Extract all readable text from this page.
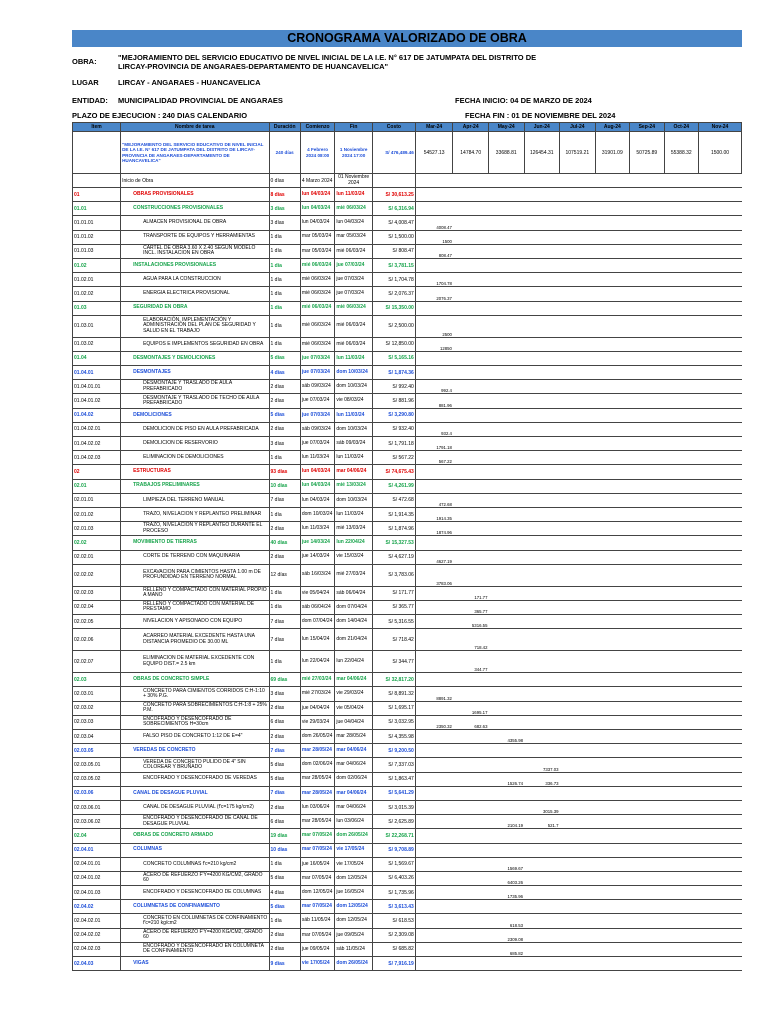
CRONOGRAMA VALORIZADO DE OBRA
OBRA:	"MEJORAMIENTO DEL SERVICIO EDUCATIVO DE NIVEL INICIAL DE LA I.E. N° 617 DE JATUMPATA DEL DISTRITO DE LIRCAY-PROVINCIA DE ANGARAES-DEPARTAMENTO DE HUANCAVELICA"
LUGAR	LIRCAY - ANGARAES - HUANCAVELICA
ENTIDAD: MUNICIPALIDAD PROVINCIAL DE ANGARAES	FECHA INICIO: 04 DE MARZO DE 2024
PLAZO DE EJECUCION : 240 DIAS CALENDARIO	FECHA FIN : 01 DE NOVIEMBRE DEL 2024
Item	Nombre de tarea	Duración	Comienzo	Fin	Costo	Mar-24	Apr-24	May-24	Jun-24	Jul-24	Aug-24	Sep-24	Oct-24	Nov-24
	"MEJORAMIENTO DEL SERVICIO EDUCATIVO DE NIVEL INICIAL DE LA I.E. N° 617 DE JATUMPATA DEL DISTRITO DE LIRCAY-PROVINCIA DE ANGARAES-DEPARTAMENTO DE HUANCAVELICA"	240 días	4 Febrero 2024 08:00	1 Noviembre 2024 17:00	S/ 476,489.46	54527.13	14784.70	33688.81	126454.31	107519.21	31901.09	50725.89	55388.32	1500.00
	Inicio de Obra	0 días	4 Marzo 2024	01 Noviembre 2024										
01	OBRAS PROVISIONALES	8 días	lun 04/03/24	lun 11/03/24	S/ 30,613.25									
01.01	CONSTRUCCIONES PROVISIONALES	3 días	lun 04/03/24	mié 06/03/24	S/ 6,316.94									
01.01.01	ALMACEN PROVISIONAL DE OBRA	3 días	lun 04/03/24	lun 04/03/24	S/ 4,008.47	4008.47								
01.01.02	TRANSPORTE DE EQUIPOS Y HERRAMIENTAS	1 día	mar 05/03/24	mar 05/03/24	S/ 1,500.00	1500								
01.01.03	CARTEL DE OBRA 3.60 X 2.40 SEGUN MODELO INCL. INSTALACION EN OBRA	1 día	mar 05/03/24	mié 06/03/24	S/ 808.47	808.47								
01.02	INSTALACIONES PROVISIONALES	1 día	mié 06/03/24	jue 07/03/24	S/ 3,781.15									
01.02.01	AGUA PARA LA CONSTRUCCION	1 día	mié 06/03/24	jue 07/03/24	S/ 1,704.78	1704.78								
01.02.02	ENERGIA ELECTRICA PROVISIONAL	1 día	mié 06/03/24	jue 07/03/24	S/ 2,076.37	2076.37								
01.03	SEGURIDAD EN OBRA	1 día	mié 06/03/24	mié 06/03/24	S/ 15,350.00									
01.03.01	ELABORACIÓN, IMPLEMENTACIÓN Y ADMINISTRACIÓN DEL PLAN DE SEGURIDAD Y SALUD EN EL TRABAJO	1 día	mié 06/03/24	mié 06/03/24	S/ 2,500.00	2500								
01.03.02	EQUIPOS E IMPLEMENTOS SEGURIDAD EN OBRA	1 día	mié 06/03/24	mié 06/03/24	S/ 12,850.00	12850								
01.04	DESMONTAJES Y DEMOLICIONES	5 días	jue 07/03/24	lun 11/03/24	S/ 5,165.16									
01.04.01	DESMONTAJES	4 días	jue 07/03/24	dom 10/03/24	S/ 1,874.36									
01.04.01.01	DESMONTAJE Y TRASLADO DE AULA PREFABRICADO	2 días	sáb 09/03/24	dom 10/03/24	S/ 992.40	992.4								
01.04.01.02	DESMONTAJE Y TRASLADO DE TECHO DE AULA PREFABRICADO	2 días	jue 07/03/24	vie 08/03/24	S/ 881.96	881.96								
01.04.02	DEMOLICIONES	5 días	jue 07/03/24	lun 11/03/24	S/ 3,290.80									
01.04.02.01	DEMOLICION DE PISO EN AULA PREFABRICADA	2 días	sáb 09/03/24	dom 10/03/24	S/ 932.40	932.4								
01.04.02.02	DEMOLICION DE RESERVORIO	3 días	jue 07/03/24	sáb 09/03/24	S/ 1,791.18	1791.18								
01.04.02.03	ELIMINACION DE DEMOLICIONES	1 día	lun 11/03/24	lun 11/03/24	S/ 567.22	567.22								
02	ESTRUCTURAS	93 días	lun 04/03/24	mar 04/06/24	S/ 74,675.43									
02.01	TRABAJOS PRELIMINARES	10 días	lun 04/03/24	mié 13/03/24	S/ 4,261.99									
02.01.01	LIMPIEZA DEL TERRENO MANUAL	7 días	lun 04/03/24	dom 10/03/24	S/ 472.68	472.68								
02.01.02	TRAZO, NIVELACION Y REPLANTEO PRELIMINAR	1 día	dom 10/03/24	lun 11/03/24	S/ 1,914.35	1914.35								
02.01.03	TRAZO, NIVELACION Y REPLANTEO DURANTE EL PROCESO	2 días	lun 11/03/24	mié 13/03/24	S/ 1,874.96	1874.96								
02.02	MOVIMIENTO DE TIERRAS	40 días	jue 14/03/24	lun 22/04/24	S/ 15,327.53									
02.02.01	CORTE DE TERRENO CON MAQUINARIA	2 días	jue 14/03/24	vie 15/03/24	S/ 4,627.19	4627.19								
02.02.02	EXCAVACION PARA CIMIENTOS HASTA 1.00 m DE PROFUNDIDAD EN TERRENO NORMAL	12 días	sáb 16/03/24	mié 27/03/24	S/ 3,783.06	3783.06								
02.02.03	RELLENO Y COMPACTADO CON MATERIAL PROPIO A MANO	1 día	vie 05/04/24	sáb 06/04/24	S/ 171.77		171.77							
02.02.04	RELLENO Y COMPACTADO CON MATERIAL DE PRESTAMO	1 día	sáb 06/04/24	dom 07/04/24	S/ 365.77		365.77							
02.02.05	NIVELACION Y APISONADO CON EQUIPO	7 días	dom 07/04/24	dom 14/04/24	S/ 5,316.55		5316.55							
02.02.06	ACARREO MATERIAL EXCEDENTE HASTA UNA DISTANCIA PROMEDIO DE 30.00 ML	7 días	lun 15/04/24	dom 21/04/24	S/ 718.42		718.42							
02.02.07	ELIMINACION DE MATERIAL EXCEDENTE CON EQUIPO DIST.= 2.5 km	1 día	lun 22/04/24	lun 22/04/24	S/ 344.77		344.77							
02.03	OBRAS DE CONCRETO SIMPLE	69 días	mié 27/03/24	mar 04/06/24	S/ 32,817.20									
02.03.01	CONCRETO PARA CIMIENTOS CORRIDOS C:H-1:10 + 30% P.G.	3 días	mié 27/03/24	vie 29/03/24	S/ 8,891.32	8891.32								
02.03.02	CONCRETO PARA SOBRECIMIENTOS C:H-1:8 + 25% P.M.	2 días	jue 04/04/24	vie 05/04/24	S/ 1,695.17		1695.17							
02.03.03	ENCOFRADO Y DESENCOFRADO DE SOBRECIMIENTOS H=30cm	6 días	vie 29/03/24	jue 04/04/24	S/ 3,032.95	2350.32	682.63							
02.03.04	FALSO PISO DE CONCRETO 1:12 DE E=4"	2 días	dom 26/05/24	mar 28/05/24	S/ 4,355.98			4355.98						
02.03.05	VEREDAS DE CONCRETO	7 días	mar 28/05/24	mar 04/06/24	S/ 9,200.50									
02.03.05.01	VEREDA DE CONCRETO PULIDO DE 4" SIN COLOREAR Y BRUÑADO	5 días	dom 02/06/24	mar 04/06/24	S/ 7,337.03				7337.03					
02.03.05.02	ENCOFRADO Y DESENCOFRADO DE VEREDAS	5 días	mar 28/05/24	dom 02/06/24	S/ 1,863.47			1526.74	336.73					
02.03.06	CANAL DE DESAGUE PLUVIAL	7 días	mar 28/05/24	mar 04/06/24	S/ 5,641.29									
02.03.06.01	CANAL DE DESAGUE PLUVIAL (f'c=175 kg/cm2)	2 días	lun 03/06/24	mar 04/06/24	S/ 3,015.39				3015.39					
02.03.06.02	ENCOFRADO Y DESENCOFRADO DE CANAL DE DESAGUE PLUVIAL	6 días	mar 28/05/24	lun 03/06/24	S/ 2,625.89			2104.19	521.7					
02.04	OBRAS DE CONCRETO ARMADO	19 días	mar 07/05/24	dom 26/05/24	S/ 22,268.71									
02.04.01	COLUMNAS	10 días	mar 07/05/24	vie 17/05/24	S/ 9,708.89									
02.04.01.01	CONCRETO COLUMNAS f'c=210 kg/cm2	1 día	jue 16/05/24	vie 17/05/24	S/ 1,569.67			1569.67						
02.04.01.02	ACERO DE REFUERZO F'Y=4200 KG/CM2, GRADO 60	5 días	mar 07/05/24	dom 12/05/24	S/ 6,403.26			6403.26						
02.04.01.03	ENCOFRADO Y DESENCOFRADO DE COLUMNAS	4 días	dom 12/05/24	jue 16/05/24	S/ 1,735.96			1735.96						
02.04.02	COLUMNETAS DE CONFINAMIENTO	5 días	mar 07/05/24	dom 12/05/24	S/ 3,613.43									
02.04.02.01	CONCRETO EN COLUMNETAS DE CONFINAMIENTO f'c=210 kg/cm2	1 día	sáb 11/05/24	dom 12/05/24	S/ 618.53			618.53						
02.04.02.02	ACERO DE REFUERZO F'Y=4200 KG/CM2, GRADO 60	2 días	mar 07/05/24	jue 09/05/24	S/ 2,309.08			2309.08						
02.04.02.03	ENCOFRADO Y DESENCOFRADO EN COLUMNETA DE CONFINAMIENTO	2 días	jue 09/05/24	sáb 11/05/24	S/ 685.82			685.82						
02.04.03	VIGAS	9 días	vie 17/05/24	dom 26/05/24	S/ 7,916.19									
